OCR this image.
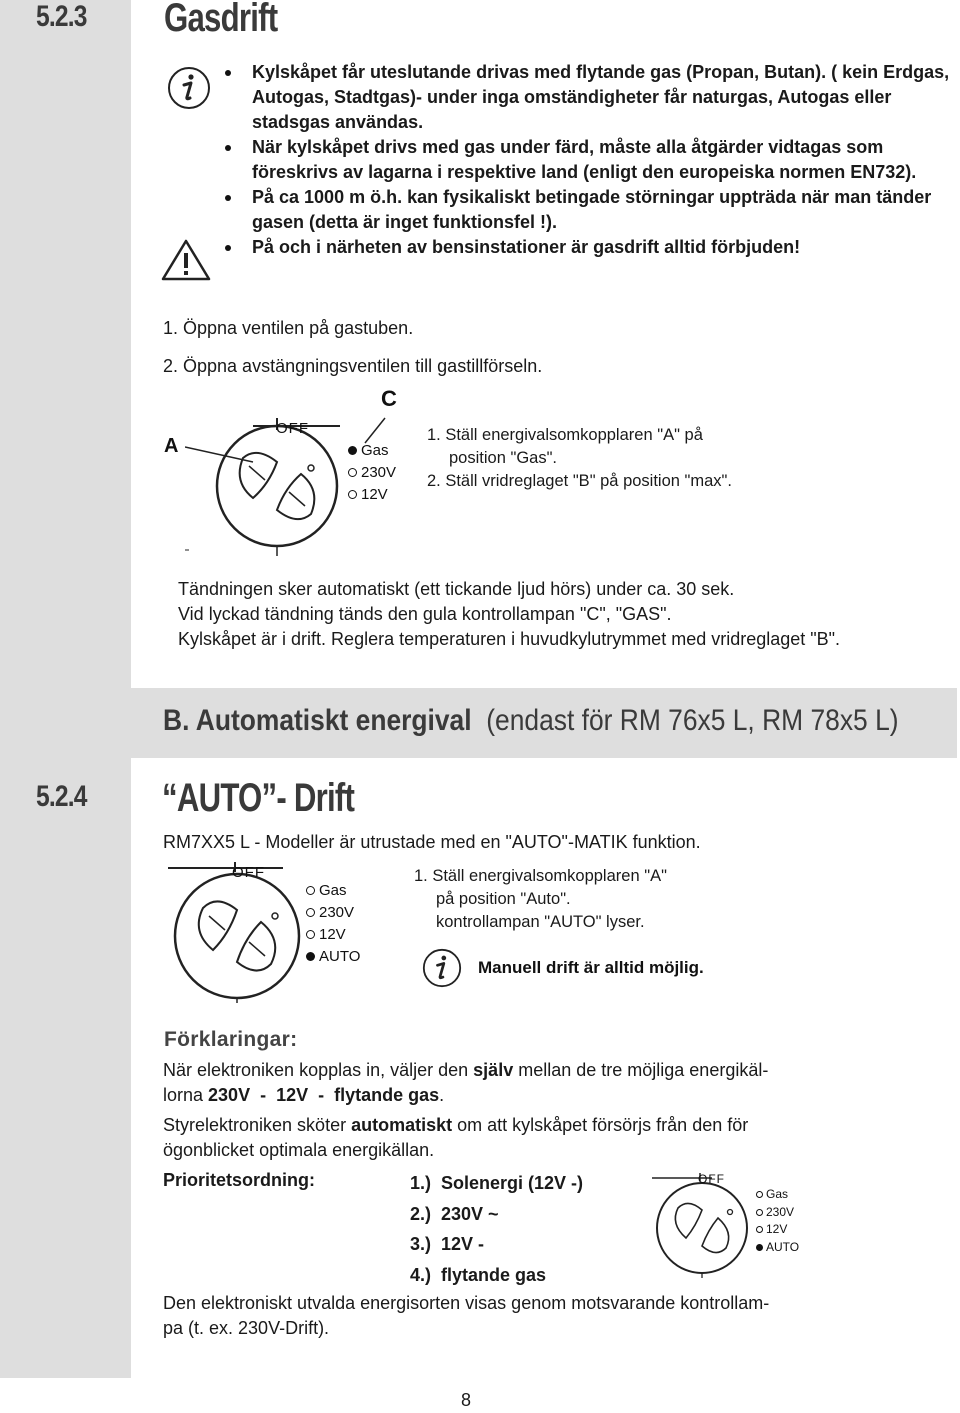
5.2.3 Gasdrift
Kylskåpet får uteslutande drivas med flytande gas (Propan, Butan). ( kein Erdgas, Autogas, Stadtgas)- under inga omständigheter får naturgas, Autogas eller stadsgas användas.
När kylskåpet drivs med gas under färd, måste alla åtgärder vidtagas som föreskrivs av lagarna i respektive land (enligt den europeiska normen EN732).
På ca 1000 m ö.h. kan fysikaliskt betingade störningar uppträda när man tänder gasen (detta är inget funktionsfel !).
På och i närheten av bensinstationer är gasdrift alltid förbjuden!
1. Öppna ventilen på gastuben.
2. Öppna avstängningsventilen till gastillförseln.
A
C
OFF
Gas
230V
12V
1. Ställ energivalsomkopplaren "A" på
position "Gas".
2. Ställ vridreglaget "B" på position "max".
Tändningen sker automatiskt (ett tickande ljud hörs) under ca. 30 sek.
Vid lyckad tändning tänds den gula kontrollampan "C", "GAS".
Kylskåpet är i drift. Reglera temperaturen i huvudkylutrymmet med vridreglaget "B".
B. Automatiskt energival (endast för RM 76x5 L, RM 78x5 L)
5.2.4 “AUTO”- Drift
RM7XX5 L - Modeller är utrustade med en "AUTO"-MATIK funktion.
OFF
Gas
230V
12V
AUTO
1. Ställ energivalsomkopplaren "A"
på position "Auto".
kontrollampan "AUTO" lyser.
Manuell drift är alltid möjlig.
Förklaringar:
När elektroniken kopplas in, väljer den själv mellan de tre möjliga energikäl-
lorna 230V  -  12V  -  flytande gas.
Styrelektroniken sköter automatiskt om att kylskåpet försörjs från den för
ögonblicket optimala energikällan.
Prioritetsordning:	1.)  Solenergi (12V -)
2.)  230V ~
3.)  12V -
4.)  flytande gas
OFF
Gas
230V
12V
AUTO
Den elektroniskt utvalda energisorten visas genom motsvarande kontrollam-
pa (t. ex. 230V-Drift).
8
